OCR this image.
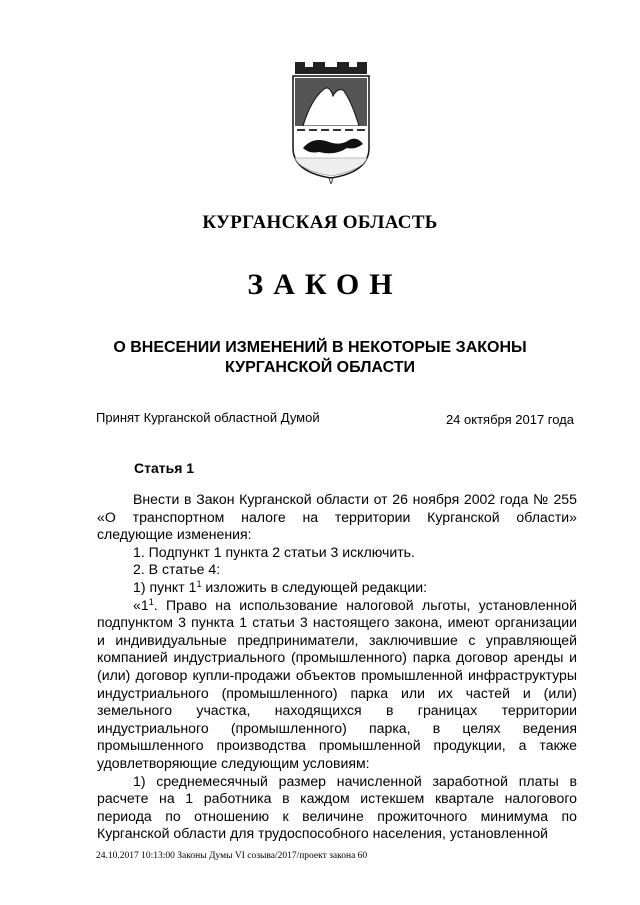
КУРГАНСКАЯ ОБЛАСТЬ
ЗАКОН
О ВНЕСЕНИИ ИЗМЕНЕНИЙ В НЕКОТОРЫЕ ЗАКОНЫ
КУРГАНСКОЙ ОБЛАСТИ
Принят Курганской областной Думой	24 октября 2017 года
Статья 1

Внести в Закон Курганской области от 26 ноября 2002 года № 255 «О транспортном налоге на территории Курганской области» следующие изменения:

1. Подпункт 1 пункта 2 статьи 3 исключить.

2. В статье 4:

1) пункт $1^1$ изложить в следующей редакции:

«$1^1$. Право на использование налоговой льготы, установленной подпунктом 3 пункта 1 статьи 3 настоящего закона, имеют организации и индивидуальные предприниматели, заключившие с управляющей компанией индустриального (промышленного) парка договор аренды и (или) договор купли-продажи объектов промышленной инфраструктуры индустриального (промышленного) парка или их частей и (или) земельного участка, находящихся в границах территории индустриального (промышленного) парка, в целях ведения промышленного производства промышленной продукции, а также удовлетворяющие следующим условиям:

1) среднемесячный размер начисленной заработной платы в расчете на 1 работника в каждом истекшем квартале налогового периода по отношению к величине прожиточного минимума по Курганской области для трудоспособного населения, установленной

24.10.2017 10:13:00 Законы Думы VI созыва/2017/проект закона 60
